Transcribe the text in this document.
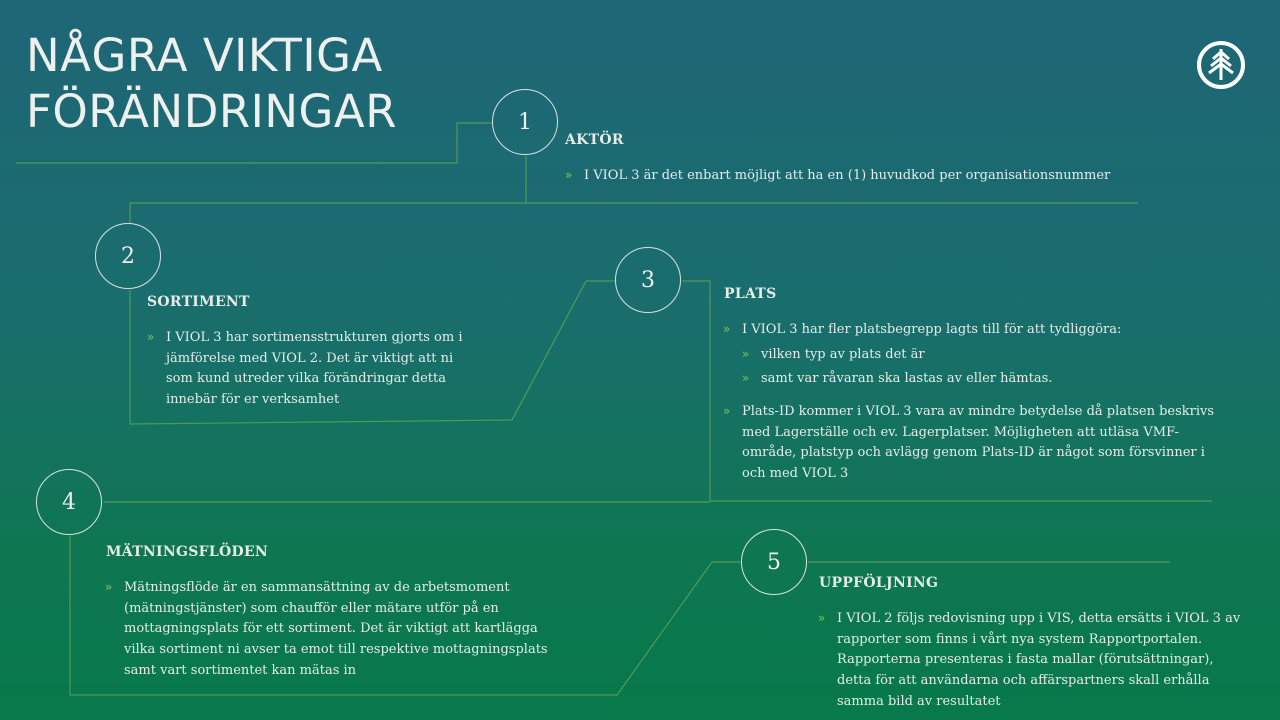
NÅGRA VIKTIGA
FÖRÄNDRINGAR	1
AKTÖR
» I VIOL 3 är det enbart möjligt att ha en (1) huvudkod per organisationsnummer
2
SORTIMENT
» I VIOL 3 har sortimensstrukturen gjorts om i jämförelse med VIOL 2. Det är viktigt att ni som kund utreder vilka förändringar detta innebär för er verksamhet
3
PLATS
» I VIOL 3 har fler platsbegrepp lagts till för att tydliggöra:
» vilken typ av plats det är
» samt var råvaran ska lastas av eller hämtas.
» Plats-ID kommer i VIOL 3 vara av mindre betydelse då platsen beskrivs med Lagerställe och ev. Lagerplatser. Möjligheten att utläsa VMF-område, platstyp och avlägg genom Plats-ID är något som försvinner i och med VIOL 3
4
MÄTNINGSFLÖDEN
» Mätningsflöde är en sammansättning av de arbetsmoment (mätningstjänster) som chaufför eller mätare utför på en mottagningsplats för ett sortiment. Det är viktigt att kartlägga vilka sortiment ni avser ta emot till respektive mottagningsplats samt vart sortimentet kan mätas in
5
UPPFÖLJNING
» I VIOL 2 följs redovisning upp i VIS, detta ersätts i VIOL 3 av rapporter som finns i vårt nya system Rapportportalen. Rapporterna presenteras i fasta mallar (förutsättningar), detta för att användarna och affärspartners skall erhålla samma bild av resultatet
